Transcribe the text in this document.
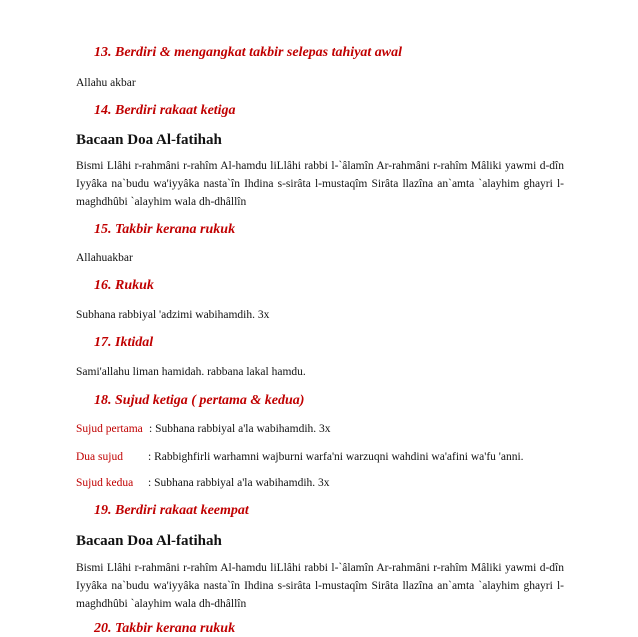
13. Berdiri & mengangkat takbir selepas tahiyat awal
Allahu akbar
14. Berdiri rakaat ketiga
Bacaan Doa Al-fatihah

Bismi Llâhi r-rahmâni r-rahîm Al-hamdu liLlâhi rabbi l-`âlamîn Ar-rahmâni r-rahîm Mâliki yawmi d-dîn Iyyâka na`budu wa'iyyâka nasta`în Ihdina s-sirâta l-mustaqîm Sirâta llazîna an`amta `alayhim ghayri l-maghdhûbi `alayhim wala dh-dhâllîn

15. Takbir kerana rukuk
Allahuakbar
16. Rukuk
Subhana rabbiyal 'adzimi wabihamdih. 3x
17. Iktidal
Sami'allahu liman hamidah. rabbana lakal hamdu.
18. Sujud ketiga ( pertama & kedua)
Sujud pertama : Subhana rabbiyal a'la wabihamdih. 3x
Dua sujud : Rabbighfirli warhamni wajburni warfa'ni warzuqni wahdini wa'afini wa'fu 'anni.
Sujud kedua : Subhana rabbiyal a'la wabihamdih. 3x
19. Berdiri rakaat keempat
Bacaan Doa Al-fatihah

Bismi Llâhi r-rahmâni r-rahîm Al-hamdu liLlâhi rabbi l-`âlamîn Ar-rahmâni r-rahîm Mâliki yawmi d-dîn Iyyâka na`budu wa'iyyâka nasta`în Ihdina s-sirâta l-mustaqîm Sirâta llazîna an`amta `alayhim ghayri l-maghdhûbi `alayhim wala dh-dhâllîn

20. Takbir kerana rukuk
